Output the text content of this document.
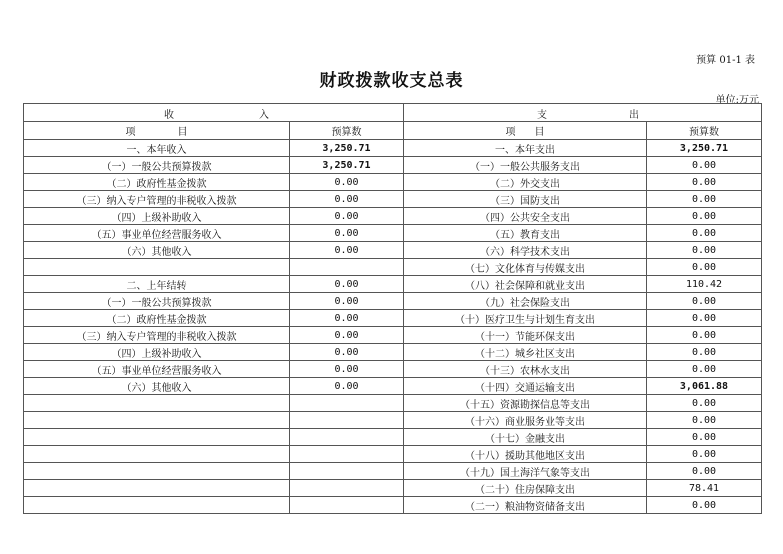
预算 01-1 表
财政拨款收支总表
单位:万元
收 入		支 出	

项 目	预算数	项      目	预算数
一、本年收入	3,250.71	一、本年支出	3,250.71
（一）一般公共预算拨款	3,250.71	（一）一般公共服务支出	0.00
（二）政府性基金拨款	0.00	（二）外交支出	0.00
（三）纳入专户管理的非税收入拨款	0.00	（三）国防支出	0.00
（四）上级补助收入	0.00	（四）公共安全支出	0.00
（五）事业单位经营服务收入	0.00	（五）教育支出	0.00
（六）其他收入	0.00	（六）科学技术支出	0.00
		（七）文化体育与传媒支出	0.00
二、上年结转	0.00	（八）社会保障和就业支出	110.42
（一）一般公共预算拨款	0.00	（九）社会保险支出	0.00
（二）政府性基金拨款	0.00	（十）医疗卫生与计划生育支出	0.00
（三）纳入专户管理的非税收入拨款	0.00	（十一）节能环保支出	0.00
（四）上级补助收入	0.00	（十二）城乡社区支出	0.00
（五）事业单位经营服务收入	0.00	（十三）农林水支出	0.00
（六）其他收入	0.00	（十四）交通运输支出	3,061.88
		（十五）资源勘探信息等支出	0.00
		（十六）商业服务业等支出	0.00
		（十七）金融支出	0.00
		（十八）援助其他地区支出	0.00
		（十九）国土海洋气象等支出	0.00
		（二十）住房保障支出	78.41
		（二一）粮油物资储备支出	0.00
